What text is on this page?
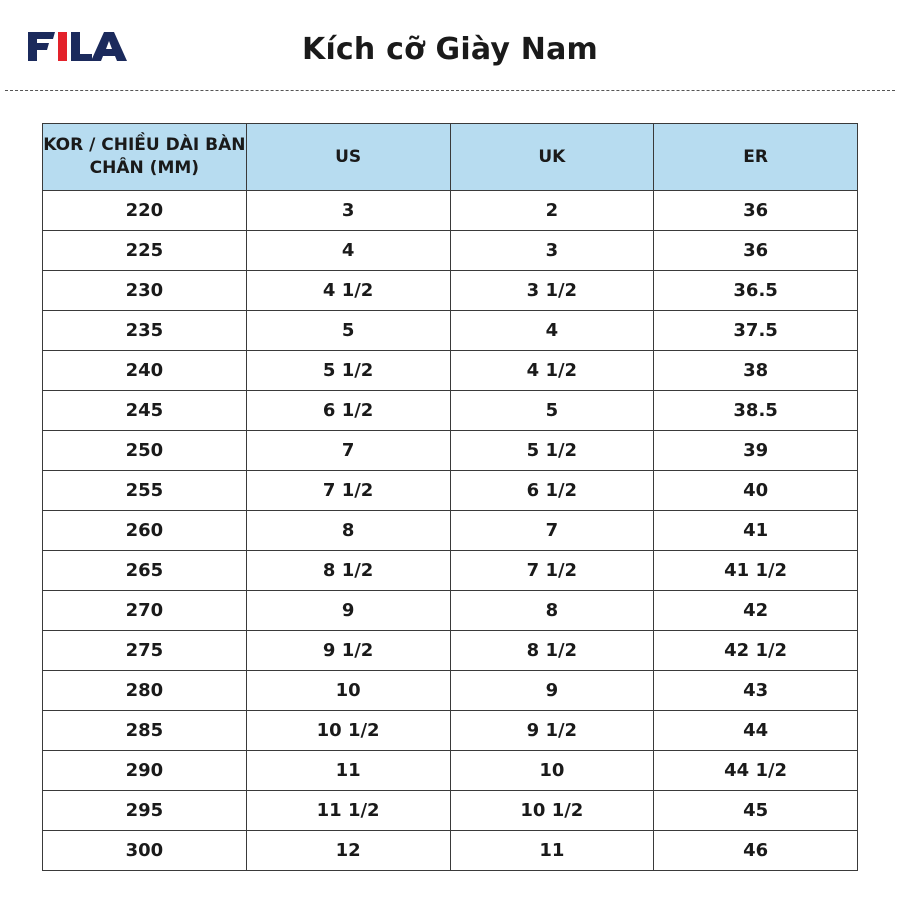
Kích cỡ Giày Nam
KOR / CHIỀU DÀI BÀN CHÂN (MM)	US	UK	ER
220	3	2	36
225	4	3	36
230	4 1/2	3 1/2	36.5
235	5	4	37.5
240	5 1/2	4 1/2	38
245	6 1/2	5	38.5
250	7	5 1/2	39
255	7 1/2	6 1/2	40
260	8	7	41
265	8 1/2	7 1/2	41 1/2
270	9	8	42
275	9 1/2	8 1/2	42 1/2
280	10	9	43
285	10 1/2	9 1/2	44
290	11	10	44 1/2
295	11 1/2	10 1/2	45
300	12	11	46
